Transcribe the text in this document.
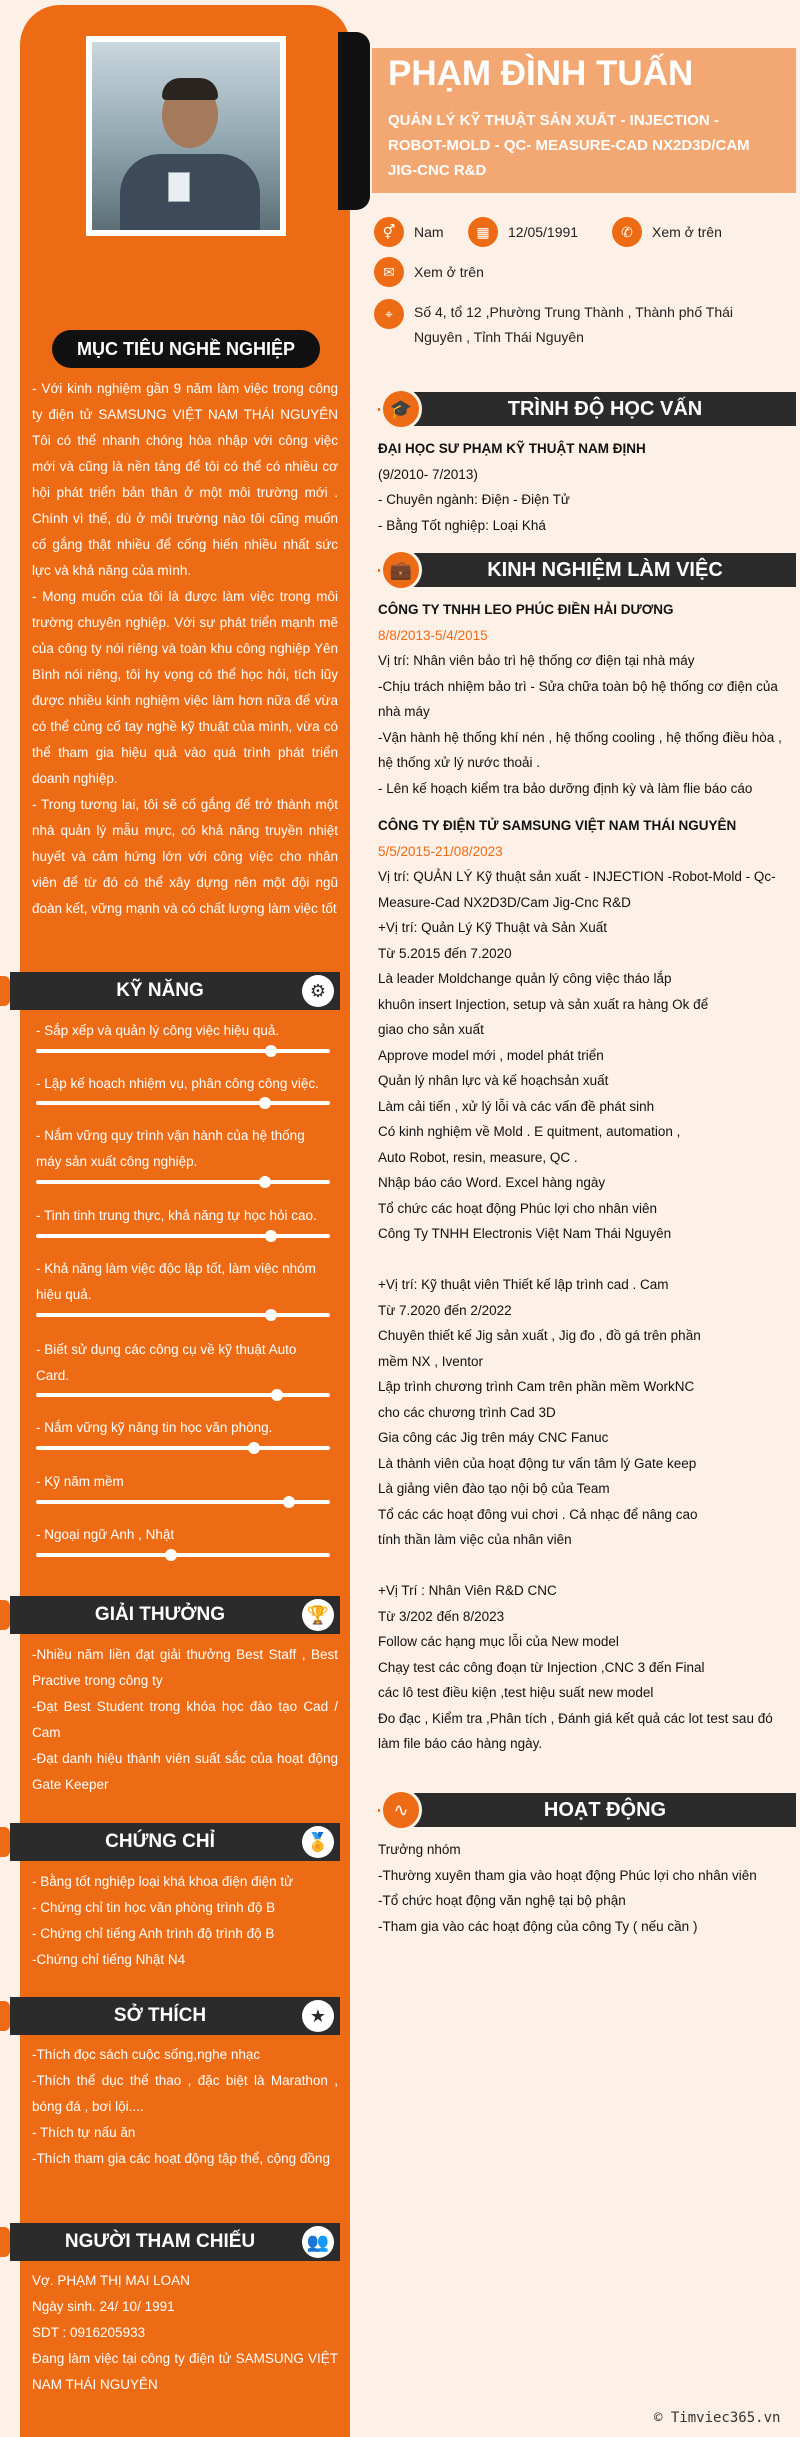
MỤC TIÊU NGHỀ NGHIỆP

- Với kinh nghiệm gần 9 năm làm việc trong công ty điện tử SAMSUNG VIỆT NAM THÁI NGUYÊN Tôi có thể nhanh chóng hòa nhập với công việc mới và cũng là nền tảng để tôi có thể có nhiều cơ hội phát triển bản thân ở một môi trường mới . Chính vì thế, dù ở môi trường nào tôi cũng muốn cố gắng thật nhiều để cống hiến nhiều nhất sức lực và khả năng của mình.

- Mong muốn của tôi là được làm việc trong môi trường chuyên nghiệp. Với sự phát triển mạnh mẽ của công ty nói riêng và toàn khu công nghiệp Yên Bình nói riêng, tôi hy vọng có thể học hỏi, tích lũy được nhiều kinh nghiệm việc làm hơn nữa để vừa có thể củng cố tay nghề kỹ thuật của mình, vừa có thể tham gia hiệu quả vào quá trình phát triển doanh nghiệp.

- Trong tương lai, tôi sẽ cố gắng để trở thành một nhà quản lý mẫu mực, có khả năng truyền nhiệt huyết và cảm hứng lớn với công việc cho nhân viên để từ đó có thể xây dựng nên một đội ngũ đoàn kết, vững mạnh và có chất lượng làm việc tốt

KỸ NĂNG	⚙
- Sắp xếp và quản lý công việc hiệu quả.
- Lập kế hoạch nhiệm vụ, phân công công việc.
- Nắm vững quy trình vận hành của hệ thống máy sản xuất công nghiệp.
- Tinh tinh trung thực, khả năng tự học hỏi cao.
- Khả năng làm việc độc lập tốt, làm việc nhóm hiệu quả.
- Biết sử dụng các công cụ về kỹ thuật Auto Card.
- Nắm vững kỹ năng tin học văn phòng.
- Kỹ năm mềm
- Ngoại ngữ Anh , Nhật
GIẢI THƯỞNG	🏆

-Nhiều năm liền đạt giải thưởng Best Staff , Best Practive trong công ty

-Đạt Best Student trong khóa học đào tạo Cad / Cam

-Đạt danh hiệu thành viên suất sắc của hoạt động Gate Keeper

CHỨNG CHỈ	🏅

- Bằng tốt nghiệp loại khá khoa điện điện tử

- Chứng chỉ tin học văn phòng trình độ B

- Chứng chỉ tiếng Anh trình độ trình độ B

-Chứng chỉ tiếng Nhật N4

SỞ THÍCH	★

-Thích đọc sách cuộc sống,nghe nhạc

-Thích thể dục thể thao , đặc biệt là Marathon , bóng đá , bơi lội....

- Thích tự nấu ăn

-Thích tham gia các hoạt động tập thể, cộng đồng

NGƯỜI THAM CHIẾU	👥

Vợ. PHẠM THỊ MAI LOAN

Ngày sinh. 24/ 10/ 1991

SDT : 0916205933

Đang làm việc tại công ty điện tử SAMSUNG VIỆT NAM THÁI NGUYÊN

PHẠM ĐÌNH TUẤN
QUẢN LÝ KỸ THUẬT SẢN XUẤT - INJECTION - ROBOT-MOLD - QC- MEASURE-CAD NX2D3D/CAM JIG-CNC R&D
⚥	Nam	▦	12/05/1991	✆	Xem ở trên
✉	Xem ở trên
⌖	Số 4, tổ 12 ,Phường Trung Thành , Thành phố Thái Nguyên , Tỉnh Thái Nguyên
TRÌNH ĐỘ HỌC VẤN
🎓

ĐẠI HỌC SƯ PHẠM KỸ THUẬT NAM ĐỊNH

(9/2010- 7/2013)

- Chuyên ngành: Điện - Điện Tử

- Bằng Tốt nghiệp: Loại Khá

KINH NGHIỆM LÀM VIỆC
💼

CÔNG TY TNHH LEO PHÚC ĐIỀN HẢI DƯƠNG

8/8/2013-5/4/2015

Vị trí: Nhân viên bảo trì hệ thống cơ điện tại nhà máy

-Chịu trách nhiệm bảo trì - Sửa chữa toàn bộ hệ thống cơ điện của nhà máy

-Vận hành hệ thống khí nén , hệ thống cooling , hệ thống điều hòa , hệ thống xử lý nước thoải .

- Lên kế hoạch kiểm tra bảo dưỡng định kỳ và làm flie báo cáo

CÔNG TY ĐIỆN TỬ SAMSUNG VIỆT NAM THÁI NGUYÊN

5/5/2015-21/08/2023

Vị trí: QUẢN LÝ Kỹ thuật sản xuất - INJECTION -Robot-Mold - Qc- Measure-Cad NX2D3D/Cam Jig-Cnc R&D

+Vị trí: Quản Lý Kỹ Thuật và Sản Xuất

Từ 5.2015 đến 7.2020

Là leader Moldchange quản lý công việc tháo lắp

khuôn insert Injection, setup và sản xuất ra hàng Ok để

giao cho sản xuất

Approve model mới , model phát triển

Quản lý nhân lực và kế hoạchsản xuất

Làm cải tiến , xử lý lỗi và các vấn đề phát sinh

Có kinh nghiệm về Mold . E quitment, automation ,

Auto Robot, resin, measure, QC .

Nhập báo cáo Word. Excel hàng ngày

Tổ chức các hoạt động Phúc lợi cho nhân viên

Công Ty TNHH Electronis Việt Nam Thái Nguyên

+Vị trí: Kỹ thuật viên Thiết kế lập trình cad . Cam

Từ 7.2020 đến 2/2022

Chuyên thiết kế Jig sản xuất , Jig đo , đồ gá trên phần

mềm NX , Iventor

Lập trình chương trình Cam trên phần mềm WorkNC

cho các chương trình Cad 3D

Gia công các Jig trên máy CNC Fanuc

Là thành viên của hoạt động tư vấn tâm lý Gate keep

Là giảng viên đào tạo nội bộ của Team

Tổ các các hoạt đông vui chơi . Cả nhạc để nâng cao

tính thần làm việc của nhân viên

+Vị Trí : Nhân Viên R&D CNC

Từ 3/202 đến 8/2023

Follow các hạng mục lỗi của New model

Chạy test các công đoạn từ Injection ,CNC 3 đến Final

các lô test điều kiện ,test hiệu suất new model

Đo đạc , Kiểm tra ,Phân tích , Đánh giá kết quả các lot test sau đó làm file báo cáo hàng ngày.

HOẠT ĐỘNG
∿

Trưởng nhóm

-Thường xuyên tham gia vào hoạt động Phúc lợi cho nhân viên

-Tổ chức hoạt động văn nghệ tại bộ phận

-Tham gia vào các hoạt động của công Ty ( nếu cần )

© Timviec365.vn
